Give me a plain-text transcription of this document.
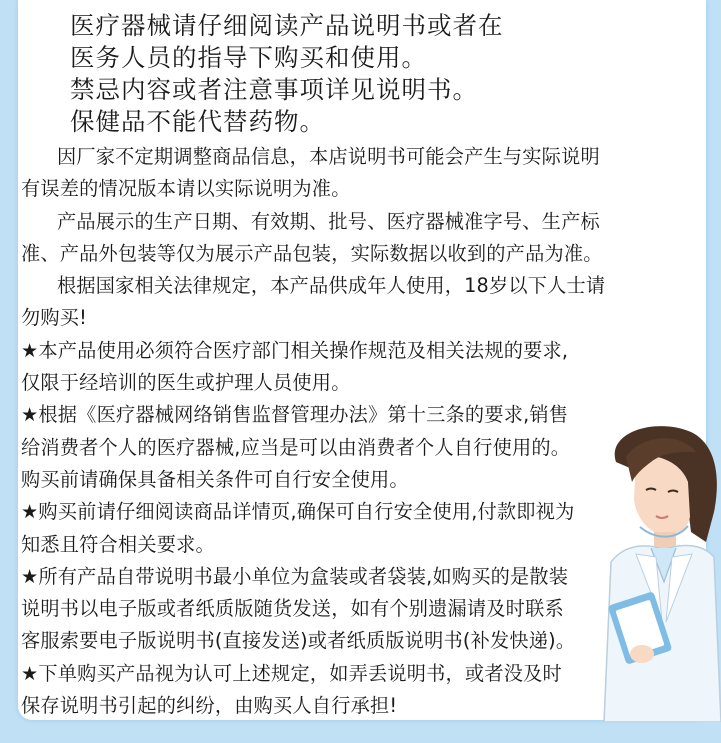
医疗器械请仔细阅读产品说明书或者在
医务人员的指导下购买和使用。
禁忌内容或者注意事项详见说明书。
保健品不能代替药物。
因厂家不定期调整商品信息，本店说明书可能会产生与实际说明
有误差的情况版本请以实际说明为准。
产品展示的生产日期、有效期、批号、医疗器械准字号、生产标
准、产品外包装等仅为展示产品包装，实际数据以收到的产品为准。
根据国家相关法律规定，本产品供成年人使用，18岁以下人士请
勿购买!
★本产品使用必须符合医疗部门相关操作规范及相关法规的要求,
仅限于经培训的医生或护理人员使用。
★根据《医疗器械网络销售监督管理办法》第十三条的要求,销售
给消费者个人的医疗器械,应当是可以由消费者个人自行使用的。
购买前请确保具备相关条件可自行安全使用。
★购买前请仔细阅读商品详情页,确保可自行安全使用,付款即视为
知悉且符合相关要求。
★所有产品自带说明书最小单位为盒装或者袋装,如购买的是散装
说明书以电子版或者纸质版随货发送，如有个别遗漏请及时联系
客服索要电子版说明书(直接发送)或者纸质版说明书(补发快递)。
★下单购买产品视为认可上述规定，如弄丢说明书，或者没及时
保存说明书引起的纠纷，由购买人自行承担!
